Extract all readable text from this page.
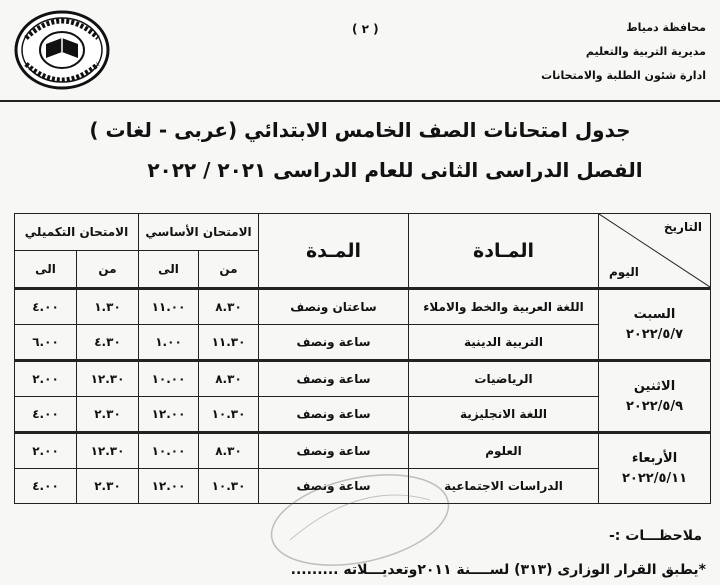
( ٢ )	محافظة دمياط
مديرية التربية والتعليم
ادارة شئون الطلبة والامتحانات
جدول امتحانات الصف الخامس الابتدائي (عربى - لغات )
الفصل الدراسى الثانى للعام الدراسى ٢٠٢١ / ٢٠٢٢
التاريخ
اليوم	المـادة	المـدة	الامتحان الأساسي		الامتحان التكميلي	
			من	الى	من	الى

السبت
٢٠٢٢/٥/٧	اللغة العربية والخط والاملاء	ساعتان ونصف	٨.٣٠	١١.٠٠	١.٣٠	٤.٠٠
	التربية الدينية	ساعة ونصف	١١.٣٠	١.٠٠	٤.٣٠	٦.٠٠

الاثنين
٢٠٢٢/٥/٩	الرياضيات	ساعة ونصف	٨.٣٠	١٠.٠٠	١٢.٣٠	٢.٠٠
	اللغة الانجليزية	ساعة ونصف	١٠.٣٠	١٢.٠٠	٢.٣٠	٤.٠٠

الأربعاء
٢٠٢٢/٥/١١	العلوم	ساعة ونصف	٨.٣٠	١٠.٠٠	١٢.٣٠	٢.٠٠
	الدراسات الاجتماعية	ساعة ونصف	١٠.٣٠	١٢.٠٠	٢.٣٠	٤.٠٠
ملاحظـــات :-
*يطبق القرار الوزارى (٣١٣) لســــنة ٢٠١١وتعديـــلاته .........
